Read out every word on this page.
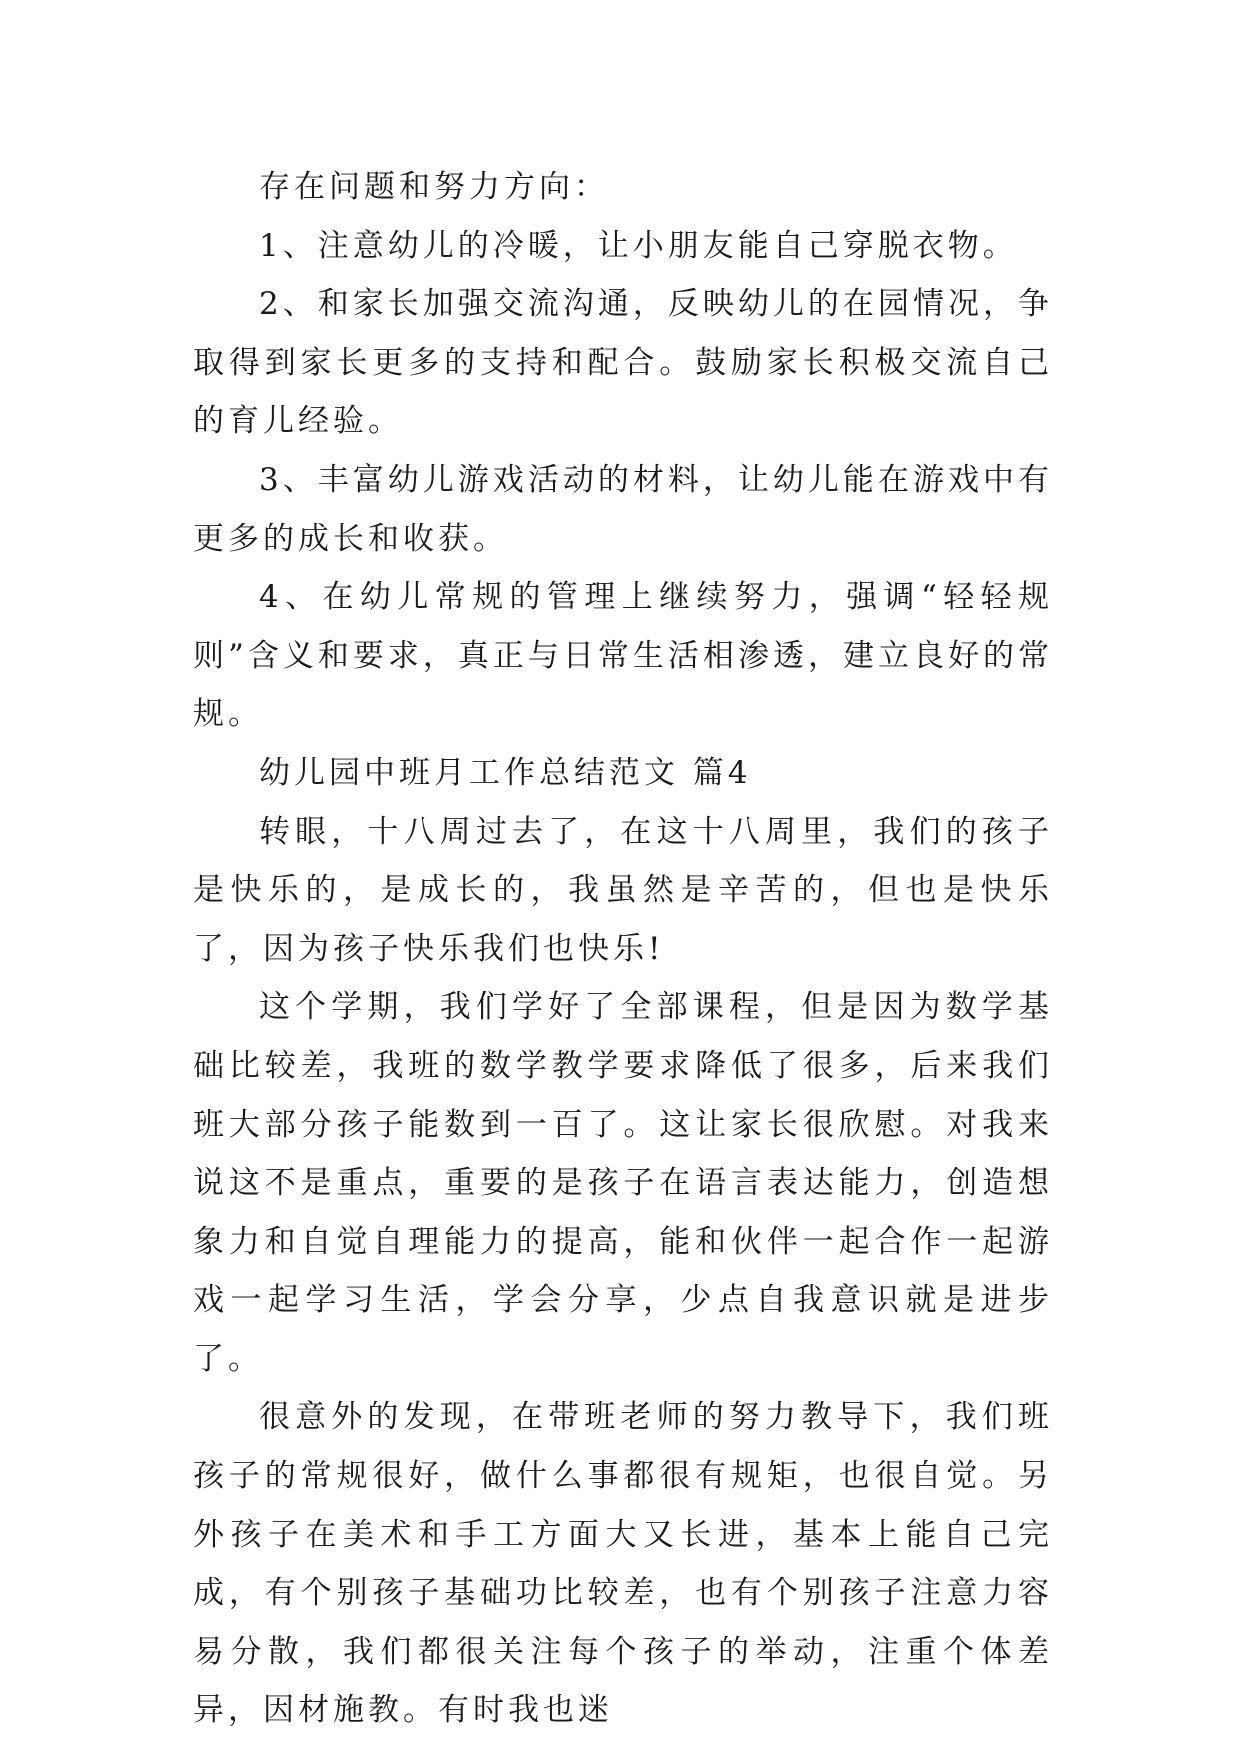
存在问题和努力方向：

1、注意幼儿的冷暖，让小朋友能自己穿脱衣物。

2、和家长加强交流沟通，反映幼儿的在园情况，争取得到家长更多的支持和配合。鼓励家长积极交流自己的育儿经验。

3、丰富幼儿游戏活动的材料，让幼儿能在游戏中有更多的成长和收获。

4、在幼儿常规的管理上继续努力，强调“轻轻规则”含义和要求，真正与日常生活相渗透，建立良好的常规。

幼儿园中班月工作总结范文 篇4

转眼，十八周过去了，在这十八周里，我们的孩子是快乐的，是成长的，我虽然是辛苦的，但也是快乐了，因为孩子快乐我们也快乐!

这个学期，我们学好了全部课程，但是因为数学基础比较差，我班的数学教学要求降低了很多，后来我们班大部分孩子能数到一百了。这让家长很欣慰。对我来说这不是重点，重要的是孩子在语言表达能力，创造想象力和自觉自理能力的提高，能和伙伴一起合作一起游戏一起学习生活，学会分享，少点自我意识就是进步了。

很意外的发现，在带班老师的努力教导下，我们班孩子的常规很好，做什么事都很有规矩，也很自觉。另外孩子在美术和手工方面大又长进，基本上能自己完成，有个别孩子基础功比较差，也有个别孩子注意力容易分散，我们都很关注每个孩子的举动，注重个体差异，因材施教。有时我也迷
